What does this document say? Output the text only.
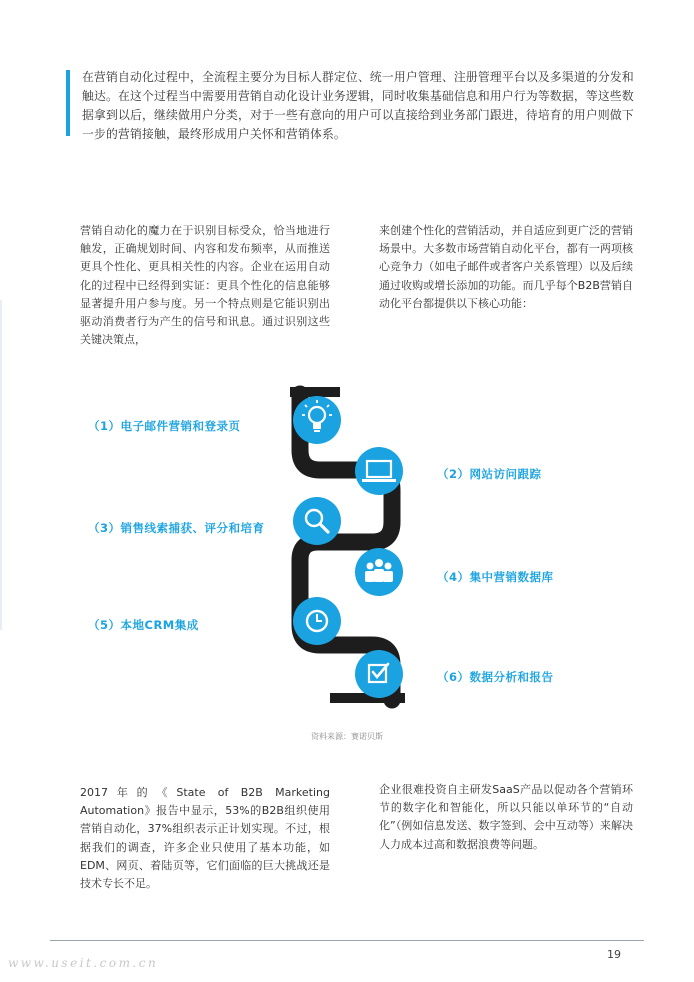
在营销自动化过程中，全流程主要分为目标人群定位、统一用户管理、注册管理平台以及多渠道的分发和触达。在这个过程当中需要用营销自动化设计业务逻辑，同时收集基础信息和用户行为等数据，等这些数据拿到以后，继续做用户分类，对于一些有意向的用户可以直接给到业务部门跟进，待培育的用户则做下一步的营销接触，最终形成用户关怀和营销体系。
营销自动化的魔力在于识别目标受众，恰当地进行触发，正确规划时间、内容和发布频率，从而推送更具个性化、更具相关性的内容。企业在运用自动化的过程中已经得到实证：更具个性化的信息能够显著提升用户参与度。另一个特点则是它能识别出驱动消费者行为产生的信号和讯息。通过识别这些关键决策点，
来创建个性化的营销活动，并自适应到更广泛的营销场景中。大多数市场营销自动化平台，都有一两项核心竞争力（如电子邮件或者客户关系管理）以及后续通过收购或增长添加的功能。而几乎每个B2B营销自动化平台都提供以下核心功能：
（1）电子邮件营销和登录页
（2）网站访问跟踪
（3）销售线索捕获、评分和培育
（4）集中营销数据库
（5）本地CRM集成
（6）数据分析和报告
资料来源：赛诺贝斯
2017年的《State of B2B Marketing Automation》报告中显示，53%的B2B组织使用营销自动化，37%组织表示正计划实现。不过，根据我们的调查，许多企业只使用了基本功能，如EDM、网页、着陆页等，它们面临的巨大挑战还是技术专长不足。
企业很难投资自主研发SaaS产品以促动各个营销环节的数字化和智能化，所以只能以单环节的“自动化”（例如信息发送、数字签到、会中互动等）来解决人力成本过高和数据浪费等问题。
19
www.useit.com.cn
